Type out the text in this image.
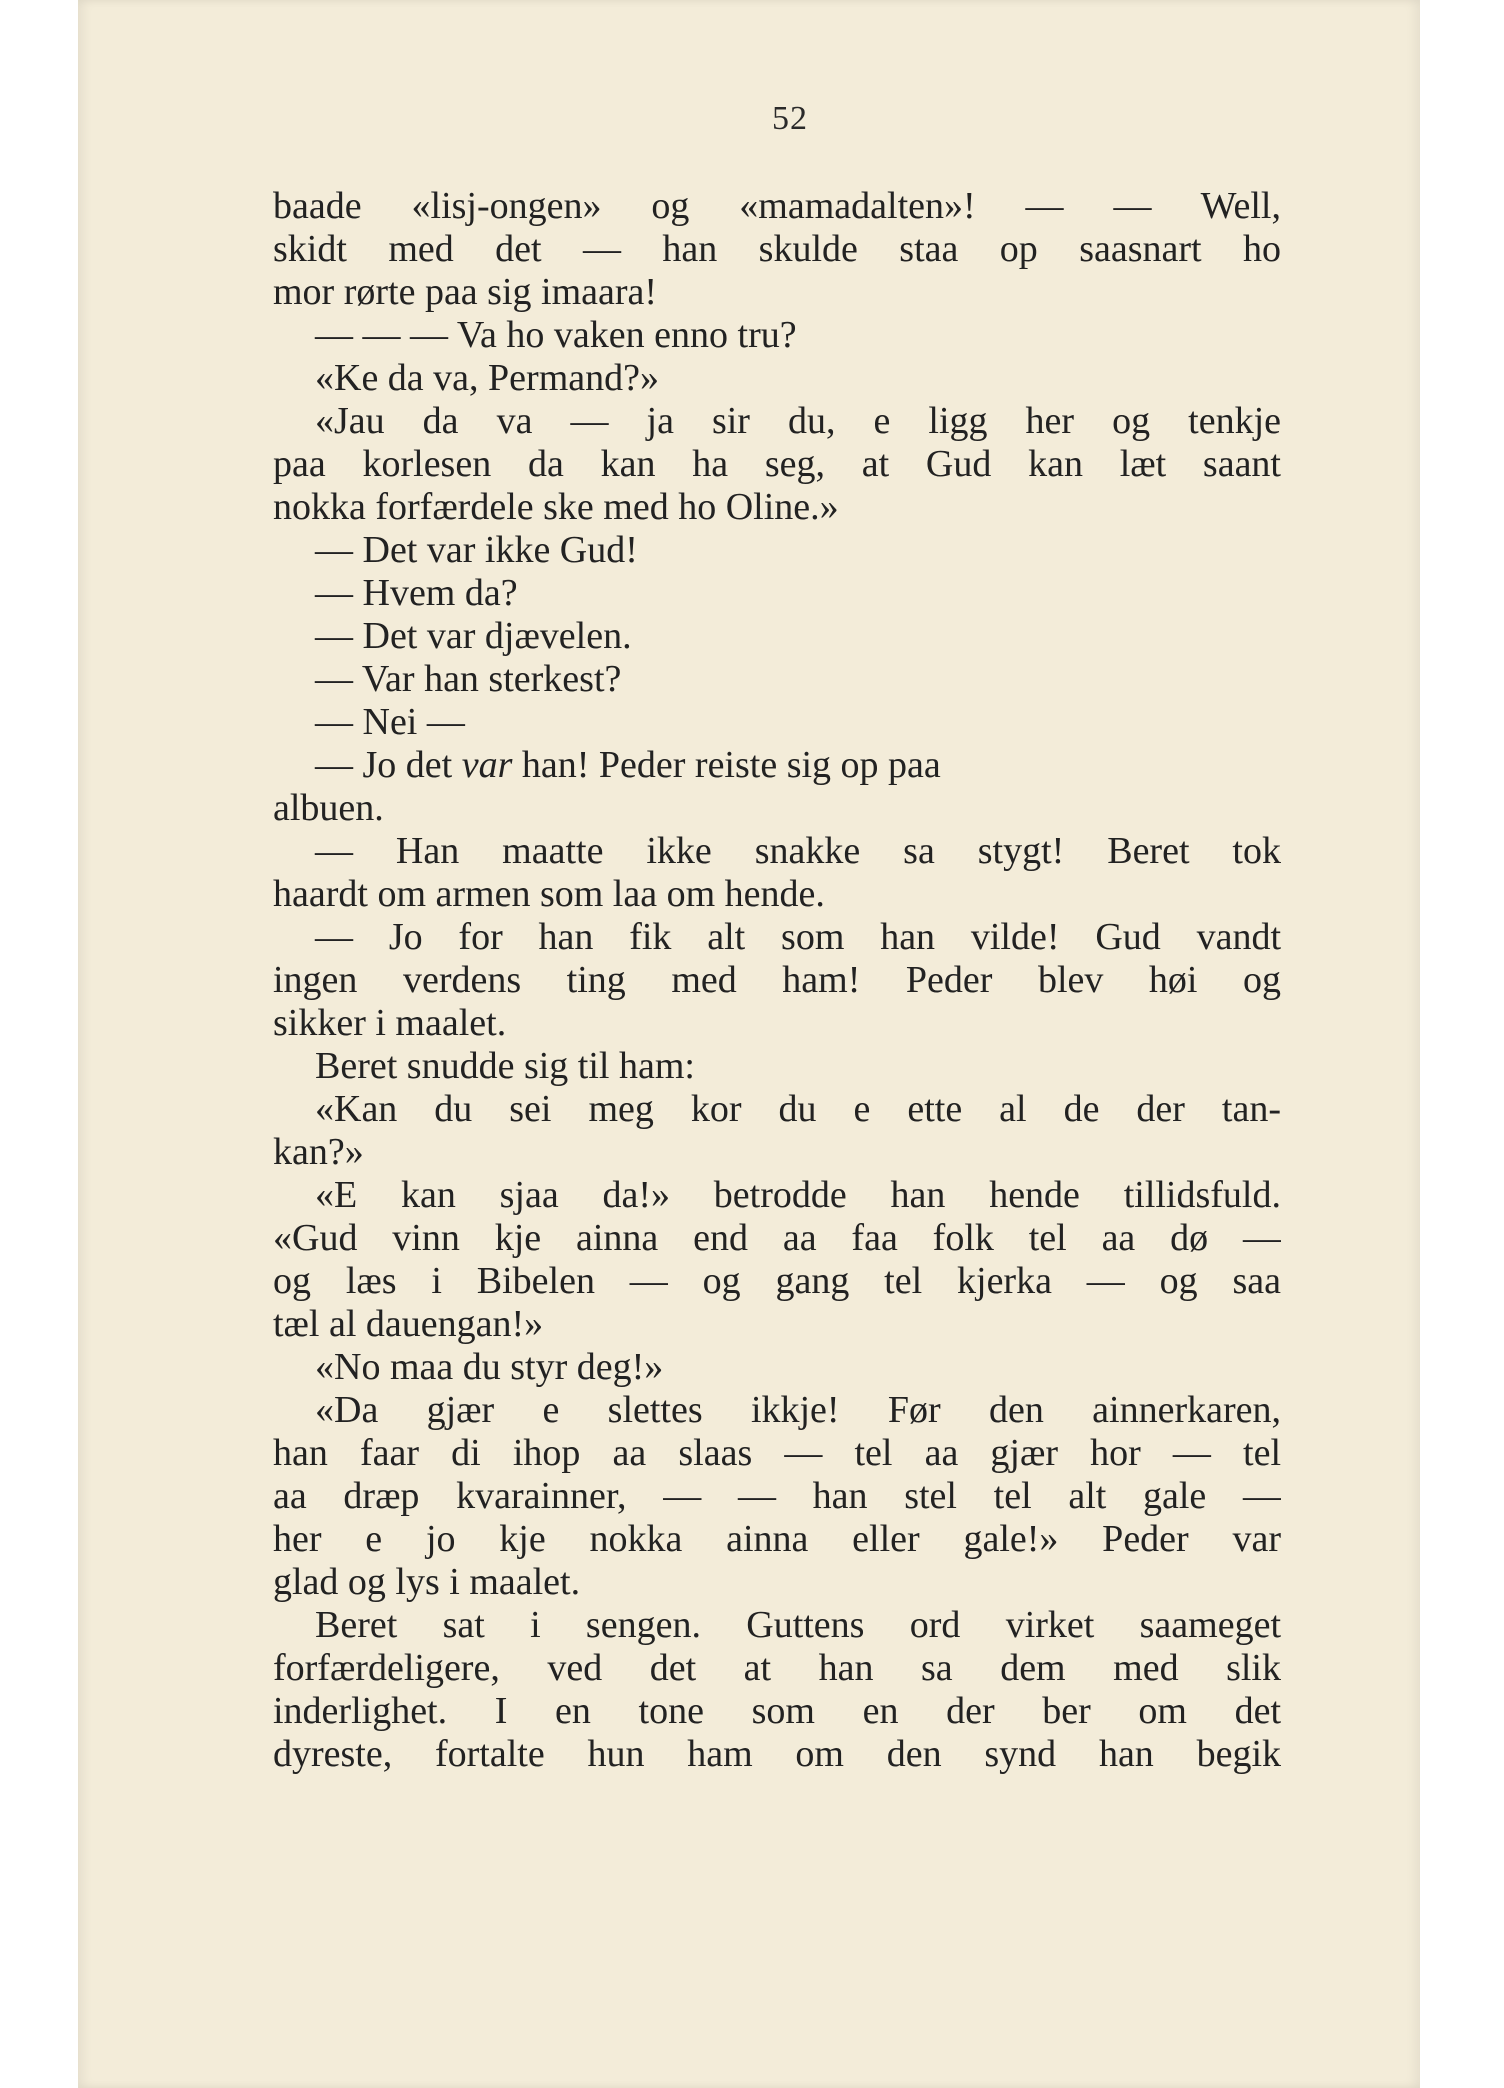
52
baade «lisj-ongen» og «mamadalten»! — — Well,
skidt med det — han skulde staa op saasnart ho
mor rørte paa sig imaara!
— — — Va ho vaken enno tru?
«Ke da va, Permand?»
«Jau da va — ja sir du, e ligg her og tenkje
paa korlesen da kan ha seg, at Gud kan læt saant
nokka forfærdele ske med ho Oline.»
— Det var ikke Gud!
— Hvem da?
— Det var djævelen.
— Var han sterkest?
— Nei —
— Jo det var han! Peder reiste sig op paa
albuen.
— Han maatte ikke snakke sa stygt! Beret tok
haardt om armen som laa om hende.
— Jo for han fik alt som han vilde! Gud vandt
ingen verdens ting med ham! Peder blev høi og
sikker i maalet.
Beret snudde sig til ham:
«Kan du sei meg kor du e ette al de der tan-
kan?»
«E kan sjaa da!» betrodde han hende tillidsfuld.
«Gud vinn kje ainna end aa faa folk tel aa dø —
og læs i Bibelen — og gang tel kjerka — og saa
tæl al dauengan!»
«No maa du styr deg!»
«Da gjær e slettes ikkje! Før den ainnerkaren,
han faar di ihop aa slaas — tel aa gjær hor — tel
aa dræp kvarainner, — — han stel tel alt gale —
her e jo kje nokka ainna eller gale!» Peder var
glad og lys i maalet.
Beret sat i sengen. Guttens ord virket saameget
forfærdeligere, ved det at han sa dem med slik
inderlighet. I en tone som en der ber om det
dyreste, fortalte hun ham om den synd han begik
